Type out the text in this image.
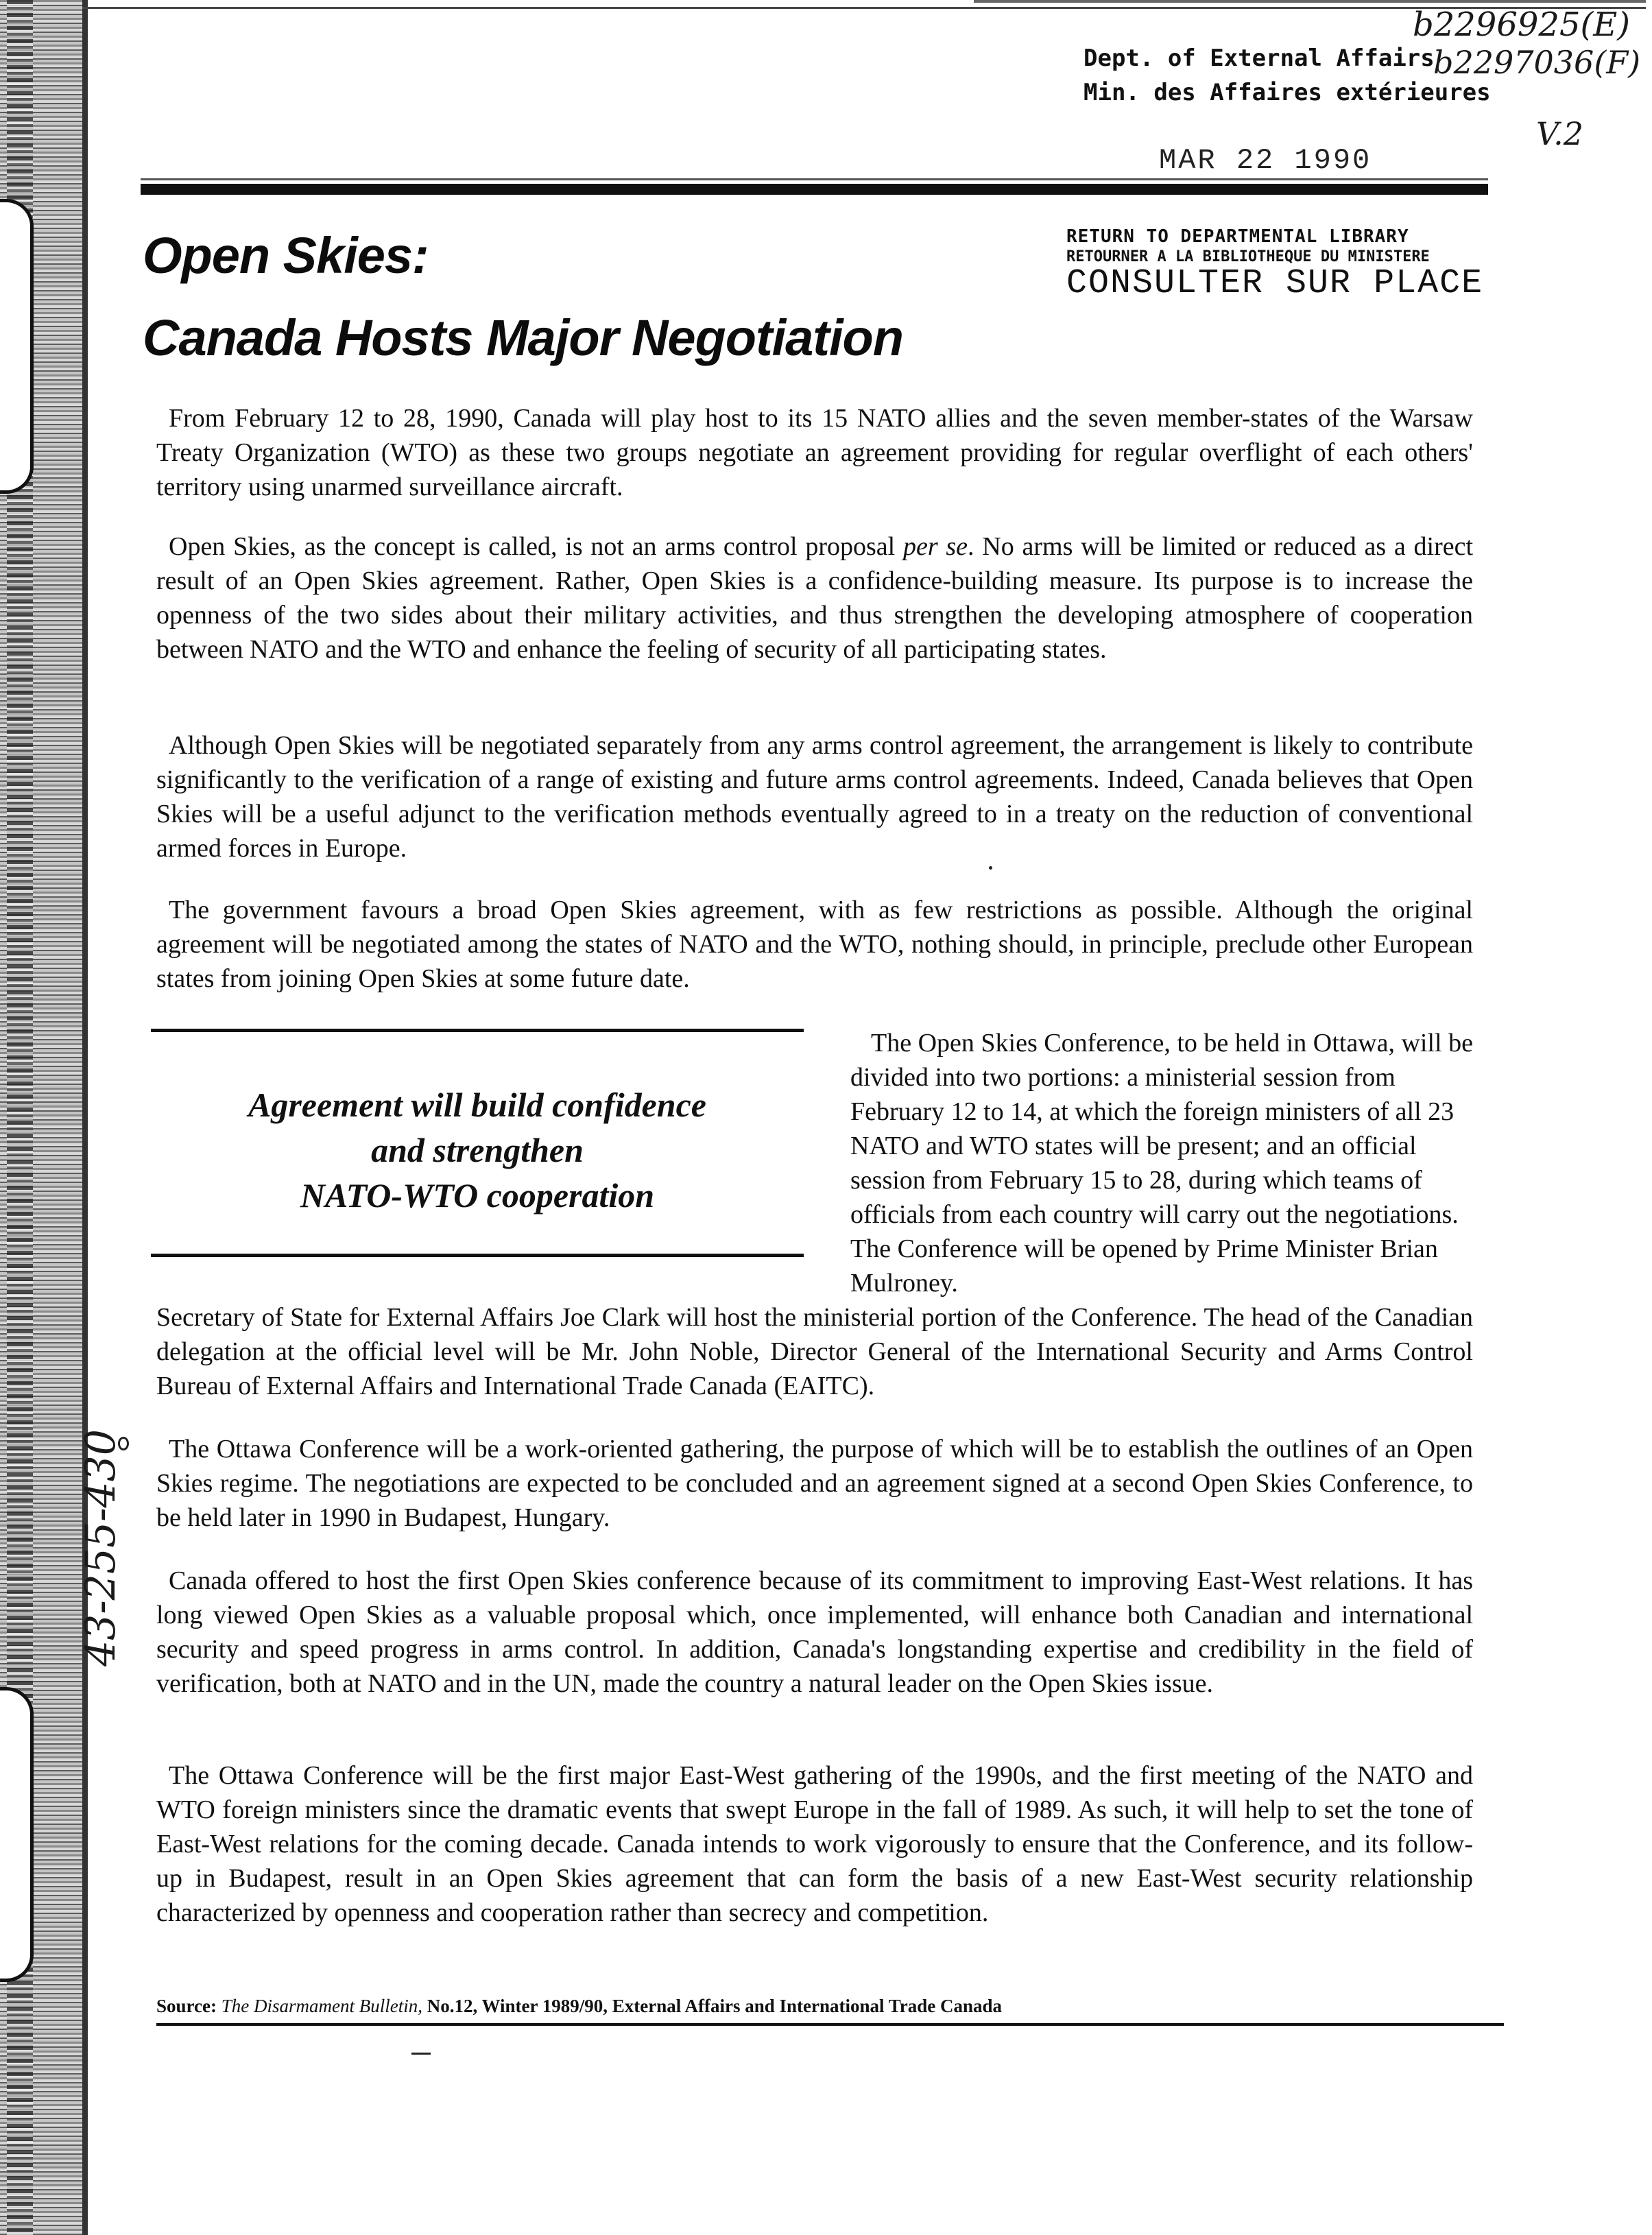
Dept. of External Affairs
Min. des Affaires extérieures
b2296925(E)
b2297036(F)
V.2
MAR 22 1990
RETURN TO DEPARTMENTAL LIBRARY
RETOURNER A LA BIBLIOTHEQUE DU MINISTERE
CONSULTER SUR PLACE
Open Skies:
Canada Hosts Major Negotiation

From February 12 to 28, 1990, Canada will play host to its 15 NATO allies and the seven member-states of the Warsaw Treaty Organization (WTO) as these two groups negotiate an agreement providing for regular overflight of each others' territory using unarmed surveillance aircraft.

Open Skies, as the concept is called, is not an arms control proposal per se. No arms will be limited or reduced as a direct result of an Open Skies agreement. Rather, Open Skies is a confidence-building measure. Its purpose is to increase the openness of the two sides about their military activities, and thus strengthen the developing atmosphere of cooperation between NATO and the WTO and enhance the feeling of security of all participating states.

Although Open Skies will be negotiated separately from any arms control agreement, the arrangement is likely to contribute significantly to the verification of a range of existing and future arms control agreements. Indeed, Canada believes that Open Skies will be a useful adjunct to the verification methods eventually agreed to in a treaty on the reduction of conventional armed forces in Europe.

The government favours a broad Open Skies agreement, with as few restrictions as possible. Although the original agreement will be negotiated among the states of NATO and the WTO, nothing should, in principle, preclude other European states from joining Open Skies at some future date.

Agreement will build confidence
and strengthen
NATO-WTO cooperation

The Open Skies Conference, to be held in Ottawa, will be divided into two portions: a ministerial session from February 12 to 14, at which the foreign ministers of all 23 NATO and WTO states will be present; and an official session from February 15 to 28, during which teams of officials from each country will carry out the negotiations. The Conference will be opened by Prime Minister Brian Mulroney.

Secretary of State for External Affairs Joe Clark will host the ministerial portion of the Conference. The head of the Canadian delegation at the official level will be Mr. John Noble, Director General of the International Security and Arms Control Bureau of External Affairs and International Trade Canada (EAITC).

The Ottawa Conference will be a work-oriented gathering, the purpose of which will be to establish the outlines of an Open Skies regime. The negotiations are expected to be concluded and an agreement signed at a second Open Skies Conference, to be held later in 1990 in Budapest, Hungary.

Canada offered to host the first Open Skies conference because of its commitment to improving East-West relations. It has long viewed Open Skies as a valuable proposal which, once implemented, will enhance both Canadian and international security and speed progress in arms control. In addition, Canada's longstanding expertise and credibility in the field of verification, both at NATO and in the UN, made the country a natural leader on the Open Skies issue.

The Ottawa Conference will be the first major East-West gathering of the 1990s, and the first meeting of the NATO and WTO foreign ministers since the dramatic events that swept Europe in the fall of 1989. As such, it will help to set the tone of East-West relations for the coming decade. Canada intends to work vigorously to ensure that the Conference, and its follow-up in Budapest, result in an Open Skies agreement that can form the basis of a new East-West security relationship characterized by openness and cooperation rather than secrecy and competition.

Source: The Disarmament Bulletin, No.12, Winter 1989/90, External Affairs and International Trade Canada
43-255-430
